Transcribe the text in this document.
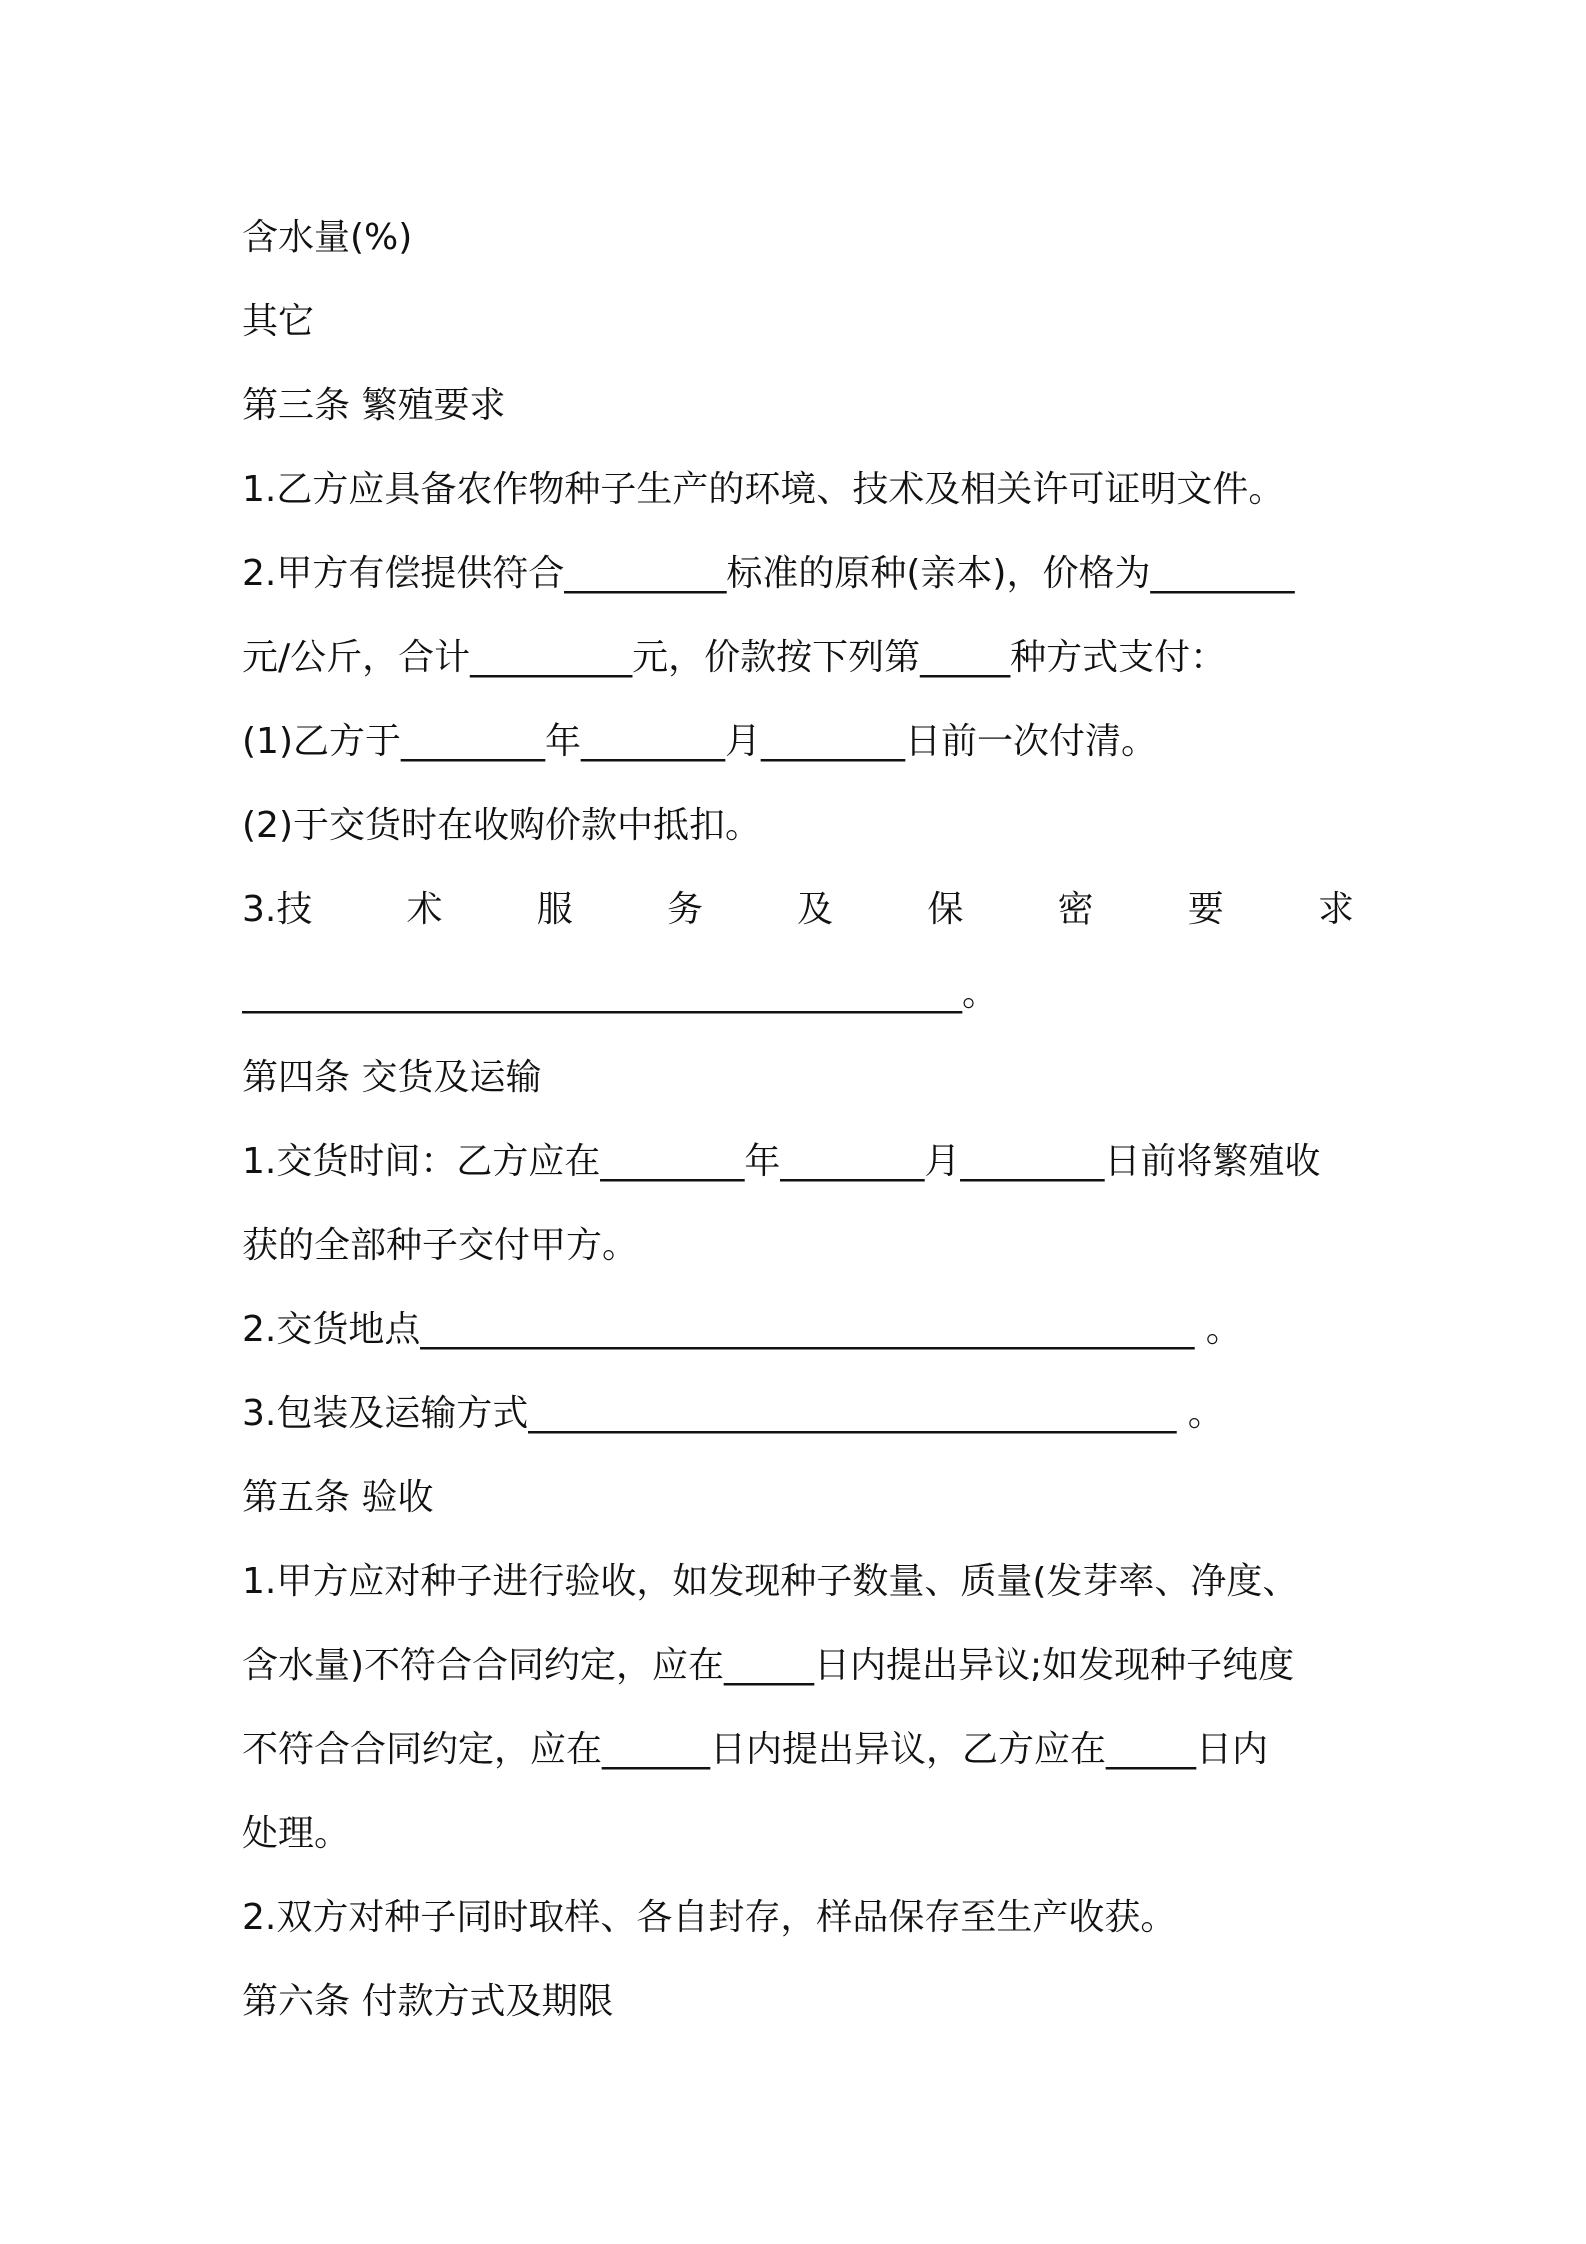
含水量(%)
其它
第三条 繁殖要求
1.乙方应具备农作物种子生产的环境、技术及相关许可证明文件。
2.甲方有偿提供符合_________标准的原种(亲本)，价格为________
元/公斤，合计_________元，价款按下列第_____种方式支付：
(1)乙方于________年________月________日前一次付清。
(2)于交货时在收购价款中抵扣。
3.技	术	服	务	及	保	密	要	求
________________________________________。
第四条 交货及运输
1.交货时间：乙方应在________年________月________日前将繁殖收
获的全部种子交付甲方。
2.交货地点___________________________________________ 。
3.包装及运输方式____________________________________ 。
第五条 验收
1.甲方应对种子进行验收，如发现种子数量、质量(发芽率、净度、
含水量)不符合合同约定，应在_____日内提出异议;如发现种子纯度
不符合合同约定，应在______日内提出异议，乙方应在_____日内
处理。
2.双方对种子同时取样、各自封存，样品保存至生产收获。
第六条 付款方式及期限
